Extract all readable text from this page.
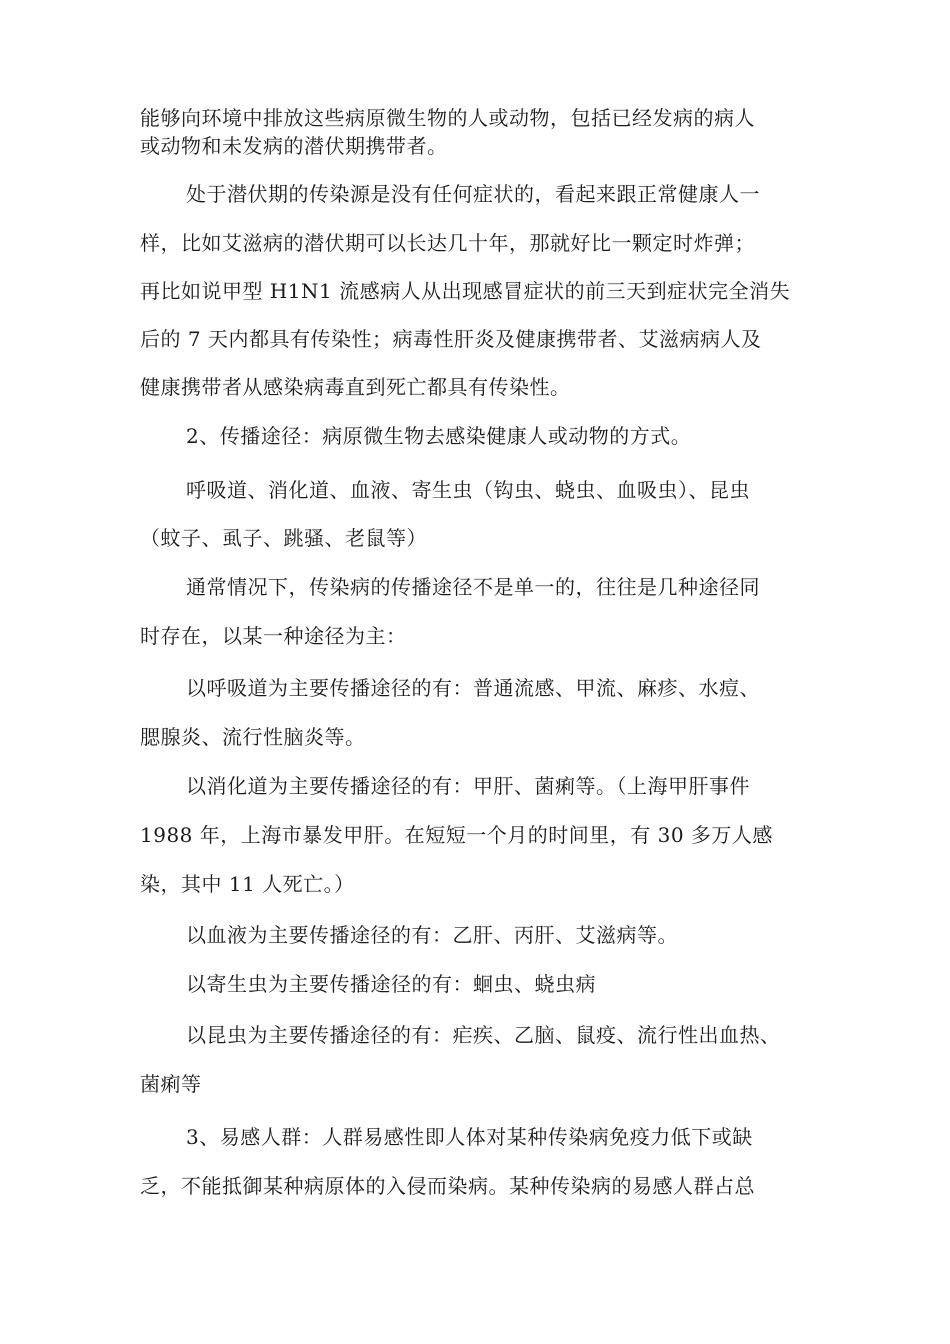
能够向环境中排放这些病原微生物的人或动物，包括已经发病的病人
或动物和未发病的潜伏期携带者。
处于潜伏期的传染源是没有任何症状的，看起来跟正常健康人一
样，比如艾滋病的潜伏期可以长达几十年，那就好比一颗定时炸弹；
再比如说甲型 H1N1 流感病人从出现感冒症状的前三天到症状完全消失
后的 7 天内都具有传染性；病毒性肝炎及健康携带者、艾滋病病人及
健康携带者从感染病毒直到死亡都具有传染性。
2、传播途径：病原微生物去感染健康人或动物的方式。
呼吸道、消化道、血液、寄生虫（钩虫、蛲虫、血吸虫）、昆虫
（蚊子、虱子、跳骚、老鼠等）
通常情况下，传染病的传播途径不是单一的，往往是几种途径同
时存在，以某一种途径为主：
以呼吸道为主要传播途径的有：普通流感、甲流、麻疹、水痘、
腮腺炎、流行性脑炎等。
以消化道为主要传播途径的有：甲肝、菌痢等。（上海甲肝事件
1988 年，上海市暴发甲肝。在短短一个月的时间里，有 30 多万人感
染，其中 11 人死亡。）
以血液为主要传播途径的有：乙肝、丙肝、艾滋病等。
以寄生虫为主要传播途径的有：蛔虫、蛲虫病
以昆虫为主要传播途径的有：疟疾、乙脑、鼠疫、流行性出血热、
菌痢等
3、易感人群：人群易感性即人体对某种传染病免疫力低下或缺
乏，不能抵御某种病原体的入侵而染病。某种传染病的易感人群占总
